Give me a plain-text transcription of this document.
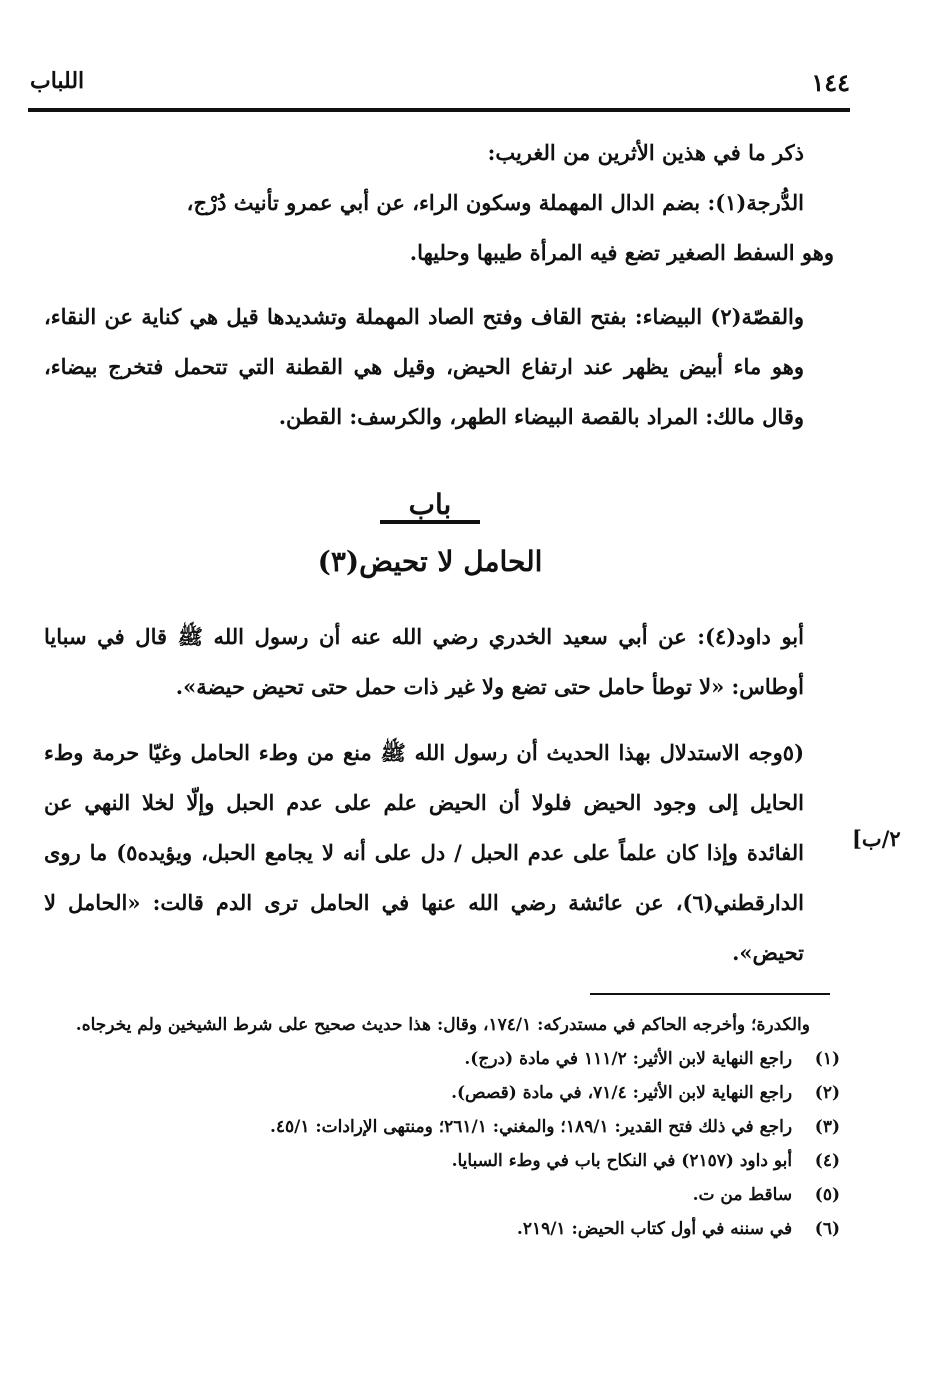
اللباب	١٤٤

ذكر ما في هذين الأثرين من الغريب:

الدُّرجة(١): بضم الدال المهملة وسكون الراء، عن أبي عمرو تأنيث دُرْج،

وهو السفط الصغير تضع فيه المرأة طيبها وحليها.

والقصّة(٢) البيضاء: بفتح القاف وفتح الصاد المهملة وتشديدها قيل هي كناية عن النقاء، وهو ماء أبيض يظهر عند ارتفاع الحيض، وقيل هي القطنة التي تتحمل فتخرج بيضاء، وقال مالك: المراد بالقصة البيضاء الطهر، والكرسف: القطن.

باب
الحامل لا تحيض(٣)

أبو داود(٤): عن أبي سعيد الخدري رضي الله عنه أن رسول الله ﷺ قال في سبايا أوطاس: «لا توطأ حامل حتى تضع ولا غير ذات حمل حتى تحيض حيضة».

(٥وجه الاستدلال بهذا الحديث أن رسول الله ﷺ منع من وطء الحامل وغيّا حرمة وطء الحايل إلى وجود الحيض فلولا أن الحيض علم على عدم الحبل وإلّا لخلا النهي عن الفائدة وإذا كان علماً على عدم الحبل / دل على أنه لا يجامع الحبل، ويؤيده٥) ما روى الدارقطني(٦)، عن عائشة رضي الله عنها في الحامل ترى الدم قالت: «الحامل لا تحيض».

٢/ب]

والكدرة؛ وأخرجه الحاكم في مستدركه: ١٧٤/١، وقال: هذا حديث صحيح على شرط الشيخين ولم يخرجاه.

(١) راجع النهاية لابن الأثير: ١١١/٢ في مادة (درج).
(٢) راجع النهاية لابن الأثير: ٧١/٤، في مادة (قصص).
(٣) راجع في ذلك فتح القدير: ١٨٩/١؛ والمغني: ٢٦١/١؛ ومنتهى الإرادات: ٤٥/١.
(٤) أبو داود (٢١٥٧) في النكاح باب في وطء السبايا.
(٥) ساقط من ت.
(٦) في سننه في أول كتاب الحيض: ٢١٩/١.
